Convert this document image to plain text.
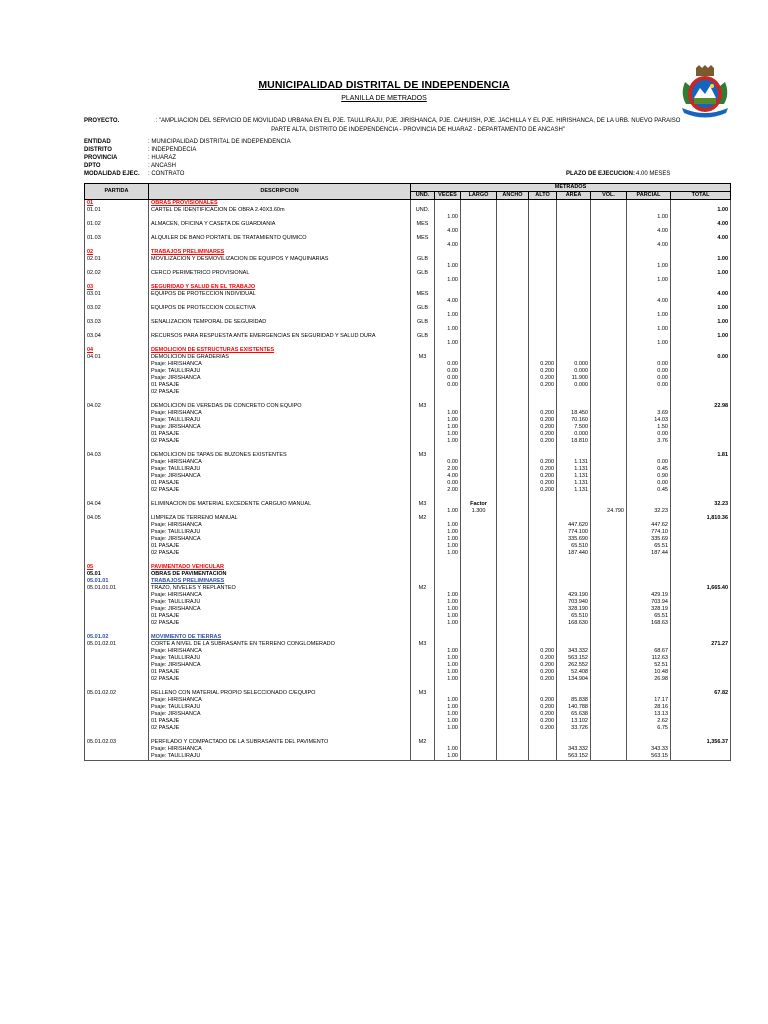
MUNICIPALIDAD DISTRITAL DE INDEPENDENCIA
PLANILLA DE METRADOS
PROYECTO.	: "AMPLIACION DEL SERVICIO DE MOVILIDAD URBANA EN EL PJE. TAULLIRAJU, PJE. JIRISHANCA, PJE. CAHUISH, PJE. JACHILLA Y EL PJE. HIRISHANCA, DE LA URB. NUEVO PARAISO PARTE ALTA, DISTRITO DE INDEPENDENCIA - PROVINCIA DE HUARAZ - DEPARTAMENTO DE ANCASH"
ENTIDAD	: MUNICIPALIDAD DISTRITAL DE INDEPENDENCIA
DISTRITO	: INDEPENDECIA
PROVINCIA	: HUARAZ
DPTO	: ANCASH
MODALIDAD EJEC. : CONTRATO	PLAZO DE EJECUCION: 4.00 MESES
PARTIDA	DESCRIPCION	METRADOS								
		UND.	VECES	LARGO	ANCHO	ALTO	AREA	VOL.	PARCIAL	TOTAL
01	OBRAS PROVISIONALES									
01.01	CARTEL DE IDENTIFICACION DE OBRA 2.40X3.60m	UND.								1.00
			1.00						1.00	
01.02	ALMACEN, OFICINA Y CASETA DE GUARDIANIA	MES								4.00
			4.00						4.00	
01.03	ALQUILER DE BAÑO PORTATIL DE TRATAMIENTO QUIMICO	MES								4.00
			4.00						4.00	
02	TRABAJOS PRELIMINARES									
02.01	MOVILIZACION Y DESMOVILIZACION DE EQUIPOS Y MAQUINARIAS	GLB								1.00
			1.00						1.00	
02.02	CERCO PERIMETRICO PROVISIONAL	GLB								1.00
			1.00						1.00	
03	SEGURIDAD Y SALUD EN EL TRABAJO									
03.01	EQUIPOS DE PROTECCION INDIVIDUAL	MES								4.00
			4.00						4.00	
03.02	EQUIPOS DE PROTECCION COLECTIVA	GLB								1.00
			1.00						1.00	
03.03	SEÑALIZACION TEMPORAL DE SEGURIDAD	GLB								1.00
			1.00						1.00	
03.04	RECURSOS PARA RESPUESTA ANTE EMERGENCIAS EN SEGURIDAD Y SALUD DURA	GLB								1.00
			1.00						1.00	
04	DEMOLICION DE ESTRUCTURAS EXISTENTES									
04.01	DEMOLICION DE GRADERIAS	M3								0.00
	Psaje: HIRISHANCA		0.00			0.200	0.000		0.00	
	Psaje: TAULLIRAJU		0.00			0.200	0.000		0.00	
	Psaje: JIRISHANCA		0.00			0.200	11.900		0.00	
	01 PASAJE		0.00			0.200	0.000		0.00	
	02 PASAJE									

04.02	DEMOLICION DE VEREDAS DE CONCRETO CON EQUIPO	M3								22.98
	Psaje: HIRISHANCA		1.00			0.200	18.450		3.69	
	Psaje: TAULLIRAJU		1.00			0.200	70.160		14.03	
	Psaje: JIRISHANCA		1.00			0.200	7.500		1.50	
	01 PASAJE		1.00			0.200	0.000		0.00	
	02 PASAJE		1.00			0.200	18.810		3.76	

04.03	DEMOLICION DE TAPAS DE BUZONES EXISTENTES	M3								1.81
	Psaje: HIRISHANCA		0.00			0.200	1.131		0.00	
	Psaje: TAULLIRAJU		2.00			0.200	1.131		0.45	
	Psaje: JIRISHANCA		4.00			0.200	1.131		0.90	
	01 PASAJE		0.00			0.200	1.131		0.00	
	02 PASAJE		2.00			0.200	1.131		0.45	

04.04	ELIMINACION DE MATERIAL EXCEDENTE CARGUIO MANUAL	M3		Factor						32.23
			1.00	1.300				24.790	32.23	
04.05	LIMPIEZA DE TERRENO MANUAL	M2								1,810.36
	Psaje: HIRISHANCA		1.00				447.620		447.62	
	Psaje: TAULLIRAJU		1.00				774.100		774.10	
	Psaje: JIRISHANCA		1.00				335.690		335.69	
	01 PASAJE		1.00				65.510		65.51	
	02 PASAJE		1.00				187.440		187.44	

05	PAVIMENTADO VEHICULAR									
05.01	OBRAS DE PAVIMENTACION									
05.01.01	TRABAJOS PRELIMINARES									
05.01.01.01	TRAZO, NIVELES Y REPLANTEO	M2								1,665.40
	Psaje: HIRISHANCA		1.00				429.190		429.19	
	Psaje: TAULLIRAJU		1.00				703.940		703.94	
	Psaje: JIRISHANCA		1.00				328.190		328.19	
	01 PASAJE		1.00				65.510		65.51	
	02 PASAJE		1.00				168.630		168.63	

05.01.02	MOVIMIENTO DE TIERRAS									
05.01.02.01	CORTE A NIVEL DE LA SUBRASANTE EN TERRENO CONGLOMERADO	M3								271.27
	Psaje: HIRISHANCA		1.00			0.200	343.332		68.67	
	Psaje: TAULLIRAJU		1.00			0.200	563.152		112.63	
	Psaje: JIRISHANCA		1.00			0.200	262.552		52.51	
	01 PASAJE		1.00			0.200	52.408		10.48	
	02 PASAJE		1.00			0.200	134.904		26.98	

05.01.02.02	RELLENO CON MATERIAL PROPIO SELECCIONADO C/EQUIPO	M3								67.82
	Psaje: HIRISHANCA		1.00			0.200	85.838		17.17	
	Psaje: TAULLIRAJU		1.00			0.200	140.788		28.16	
	Psaje: JIRISHANCA		1.00			0.200	65.638		13.13	
	01 PASAJE		1.00			0.200	13.102		2.62	
	02 PASAJE		1.00			0.200	33.726		6.75	

05.01.02.03	PERFILADO Y COMPACTADO DE LA SUBRASANTE DEL PAVIMENTO	M2								1,356.37
	Psaje: HIRISHANCA		1.00				343.332		343.33	
	Psaje: TAULLIRAJU		1.00				563.152		563.15	
